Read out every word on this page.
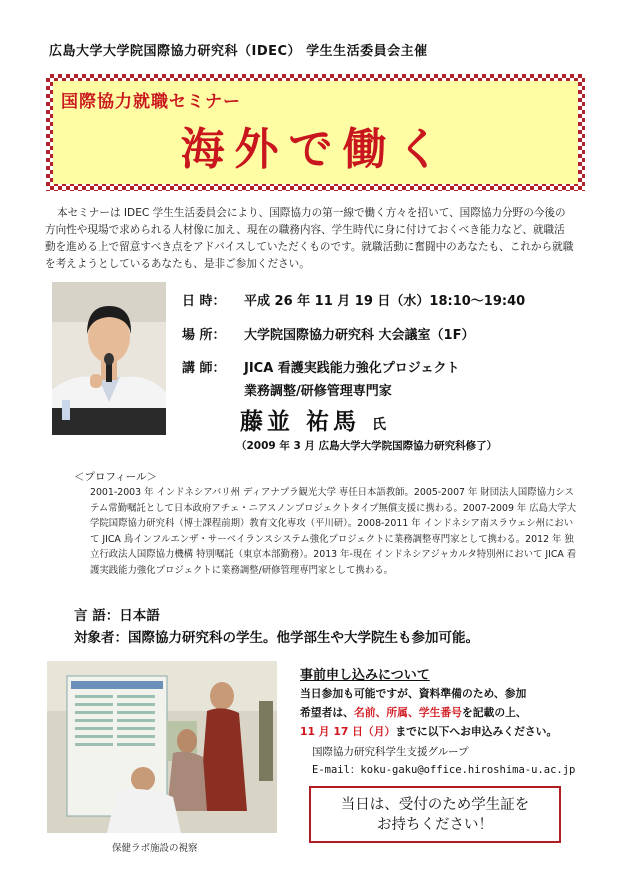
広島大学大学院国際協力研究科（IDEC） 学生生活委員会主催
国際協力就職セミナー
海外で働く

本セミナーは IDEC 学生生活委員会により、国際協力の第一線で働く方々を招いて、国際協力分野の今後の方向性や現場で求められる人材像に加え、現在の職務内容、学生時代に身に付けておくべき能力など、就職活動を進める上で留意すべき点をアドバイスしていただくものです。就職活動に奮闘中のあなたも、これから就職を考えようとしているあなたも、是非ご参加ください。

日 時： 平成 26 年 11 月 19 日（水）18:10～19:40
場 所： 大学院国際協力研究科 大会議室（1F）
講 師： JICA 看護実践能力強化プロジェクト
業務調整/研修管理専門家
藤並 祐馬 氏
（2009 年 3 月 広島大学大学院国際協力研究科修了）
＜プロフィール＞

2001-2003 年 インドネシアバリ州 ディアナプラ観光大学 専任日本語教師。2005-2007 年 財団法人国際協力システム常勤嘱託として日本政府アチェ・ニアスノンプロジェクトタイプ無償支援に携わる。2007-2009 年 広島大学大学院国際協力研究科（博士課程前期）教育文化専攻（平川研）。2008-2011 年 インドネシア南スラウェシ州において JICA 鳥インフルエンザ・サーベイランスシステム強化プロジェクトに業務調整専門家として携わる。2012 年 独立行政法人国際協力機構 特別嘱託（東京本部勤務）。2013 年-現在 インドネシアジャカルタ特別州において JICA 看護実践能力強化プロジェクトに業務調整/研修管理専門家として携わる。

言 語：日本語
対象者：国際協力研究科の学生。他学部生や大学院生も参加可能。
保健ラボ施設の視察
事前申し込みについて
当日参加も可能ですが、資料準備のため、参加
希望者は、名前、所属、学生番号を記載の上、
11 月 17 日（月）までに以下へお申込みください。
国際協力研究科学生支援グループ
E-mail：koku-gaku@office.hiroshima-u.ac.jp
当日は、受付のため学生証を
お持ちください！
